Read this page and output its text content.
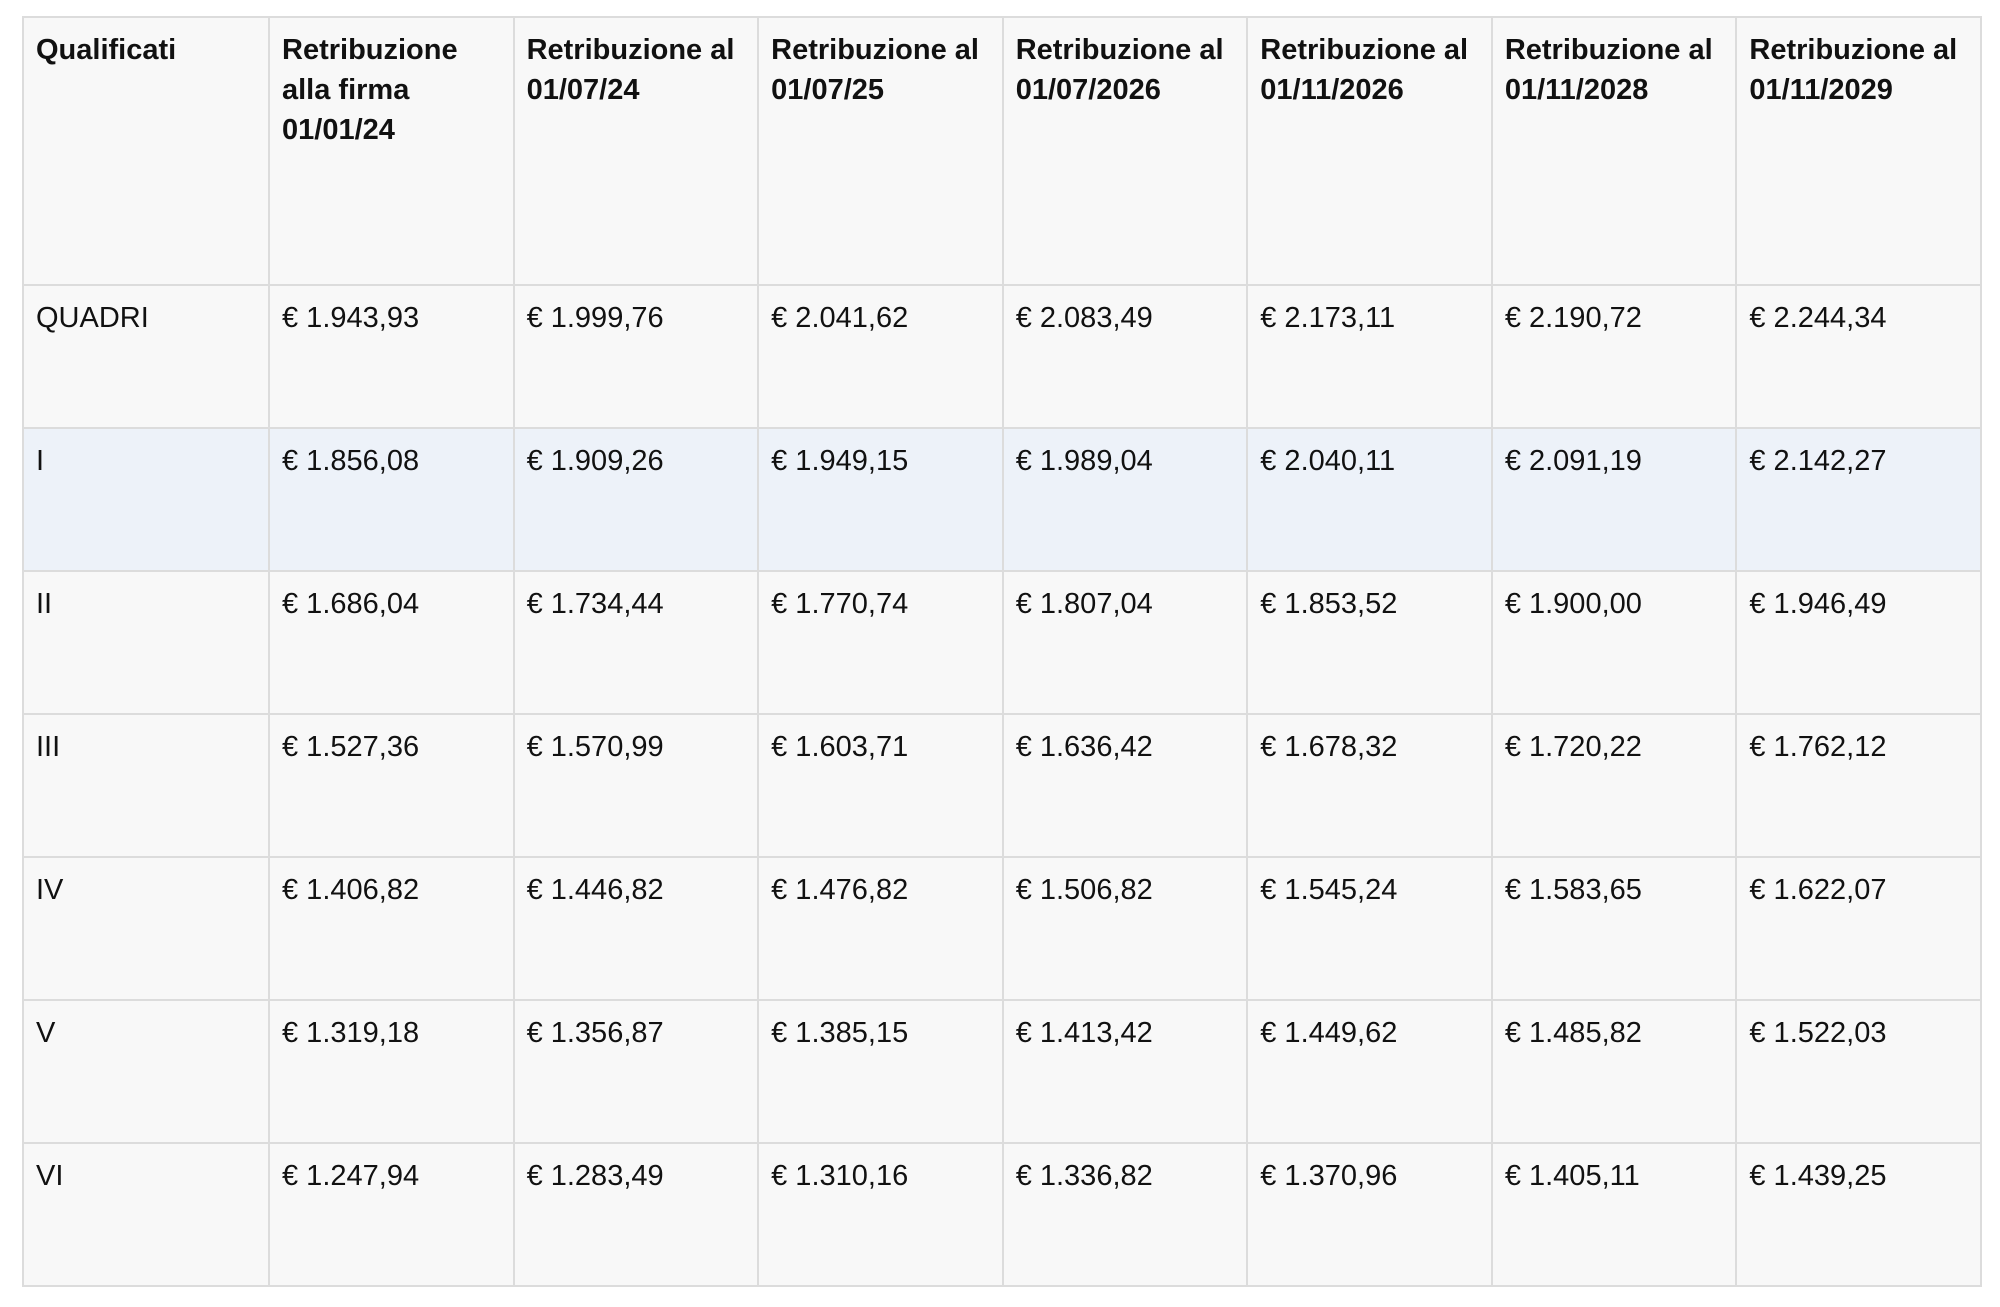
Qualificati	Retribuzione alla firma 01/01/24	Retribuzione al 01/07/24	Retribuzione al 01/07/25	Retribuzione al 01/07/2026	Retribuzione al 01/11/2026	Retribuzione al 01/11/2028	Retribuzione al 01/11/2029
QUADRI	€ 1.943,93	€ 1.999,76	€ 2.041,62	€ 2.083,49	€ 2.173,11	€ 2.190,72	€ 2.244,34
I	€ 1.856,08	€ 1.909,26	€ 1.949,15	€ 1.989,04	€ 2.040,11	€ 2.091,19	€ 2.142,27
II	€ 1.686,04	€ 1.734,44	€ 1.770,74	€ 1.807,04	€ 1.853,52	€ 1.900,00	€ 1.946,49
III	€ 1.527,36	€ 1.570,99	€ 1.603,71	€ 1.636,42	€ 1.678,32	€ 1.720,22	€ 1.762,12
IV	€ 1.406,82	€ 1.446,82	€ 1.476,82	€ 1.506,82	€ 1.545,24	€ 1.583,65	€ 1.622,07
V	€ 1.319,18	€ 1.356,87	€ 1.385,15	€ 1.413,42	€ 1.449,62	€ 1.485,82	€ 1.522,03
VI	€ 1.247,94	€ 1.283,49	€ 1.310,16	€ 1.336,82	€ 1.370,96	€ 1.405,11	€ 1.439,25
